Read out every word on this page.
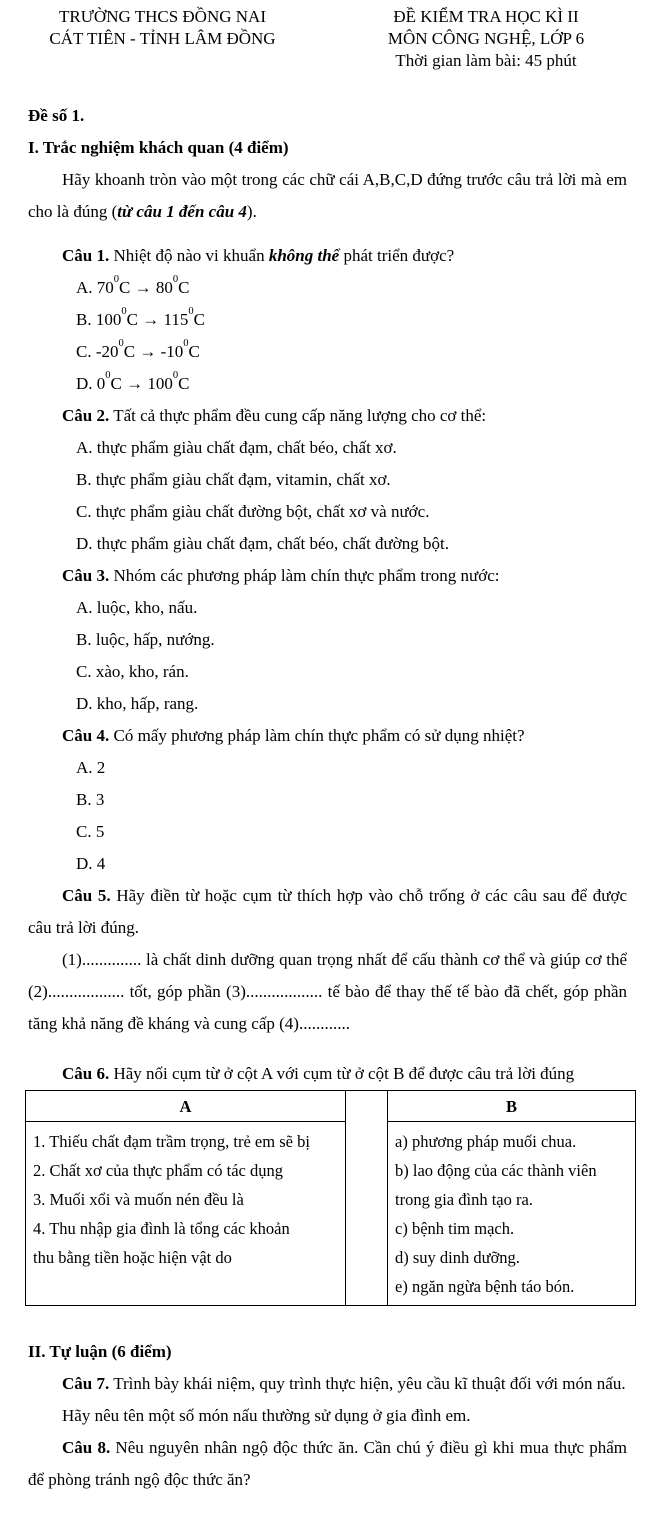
TRƯỜNG THCS ĐỒNG NAI
CÁT TIÊN - TỈNH LÂM ĐỒNG
ĐỀ KIỂM TRA HỌC KÌ II
MÔN CÔNG NGHỆ, LỚP 6
Thời gian làm bài: 45 phút

Đề số 1.

I. Trắc nghiệm khách quan (4 điểm)

Hãy khoanh tròn vào một trong các chữ cái A,B,C,D đứng trước câu trả lời mà em cho là đúng (từ câu 1 đến câu 4).

Câu 1. Nhiệt độ nào vi khuẩn không thể phát triển được?

A. $70^0C \to 80^0C$
B. $100^0C \to 115^0C$
C. $-20^0C \to -10^0C$
D. $0^0C \to 100^0C$

Câu 2. Tất cả thực phẩm đều cung cấp năng lượng cho cơ thể:

A. thực phẩm giàu chất đạm, chất béo, chất xơ.
B. thực phẩm giàu chất đạm, vitamin, chất xơ.
C. thực phẩm giàu chất đường bột, chất xơ và nước.
D. thực phẩm giàu chất đạm, chất béo, chất đường bột.

Câu 3. Nhóm các phương pháp làm chín thực phẩm trong nước:

A. luộc, kho, nấu.
B. luộc, hấp, nướng.
C. xào, kho, rán.
D. kho, hấp, rang.

Câu 4. Có mấy phương pháp làm chín thực phẩm có sử dụng nhiệt?

A. 2
B. 3
C. 5
D. 4

Câu 5. Hãy điền từ hoặc cụm từ thích hợp vào chỗ trống ở các câu sau để được câu trả lời đúng.

(1).............. là chất dinh dưỡng quan trọng nhất để cấu thành cơ thể và giúp cơ thể (2).................. tốt, góp phần (3).................. tế bào để thay thế tế bào đã chết, góp phần tăng khả năng đề kháng và cung cấp (4)............

Câu 6. Hãy nối cụm từ ở cột A với cụm từ ở cột B để được câu trả lời đúng

A	B
1. Thiếu chất đạm trầm trọng, trẻ em sẽ bị
2. Chất xơ của thực phẩm có tác dụng
3. Muối xổi và muốn nén đều là
4. Thu nhập gia đình là tổng các khoản
thu bằng tiền hoặc hiện vật do
a) phương pháp muối chua.
b) lao động của các thành viên
trong gia đình tạo ra.
c) bệnh tim mạch.
d) suy dinh dưỡng.
e) ngăn ngừa bệnh táo bón.

II. Tự luận (6 điểm)

Câu 7. Trình bày khái niệm, quy trình thực hiện, yêu cầu kĩ thuật đối với món nấu.

Hãy nêu tên một số món nấu thường sử dụng ở gia đình em.

Câu 8. Nêu nguyên nhân ngộ độc thức ăn. Cần chú ý điều gì khi mua thực phẩm để phòng tránh ngộ độc thức ăn?
